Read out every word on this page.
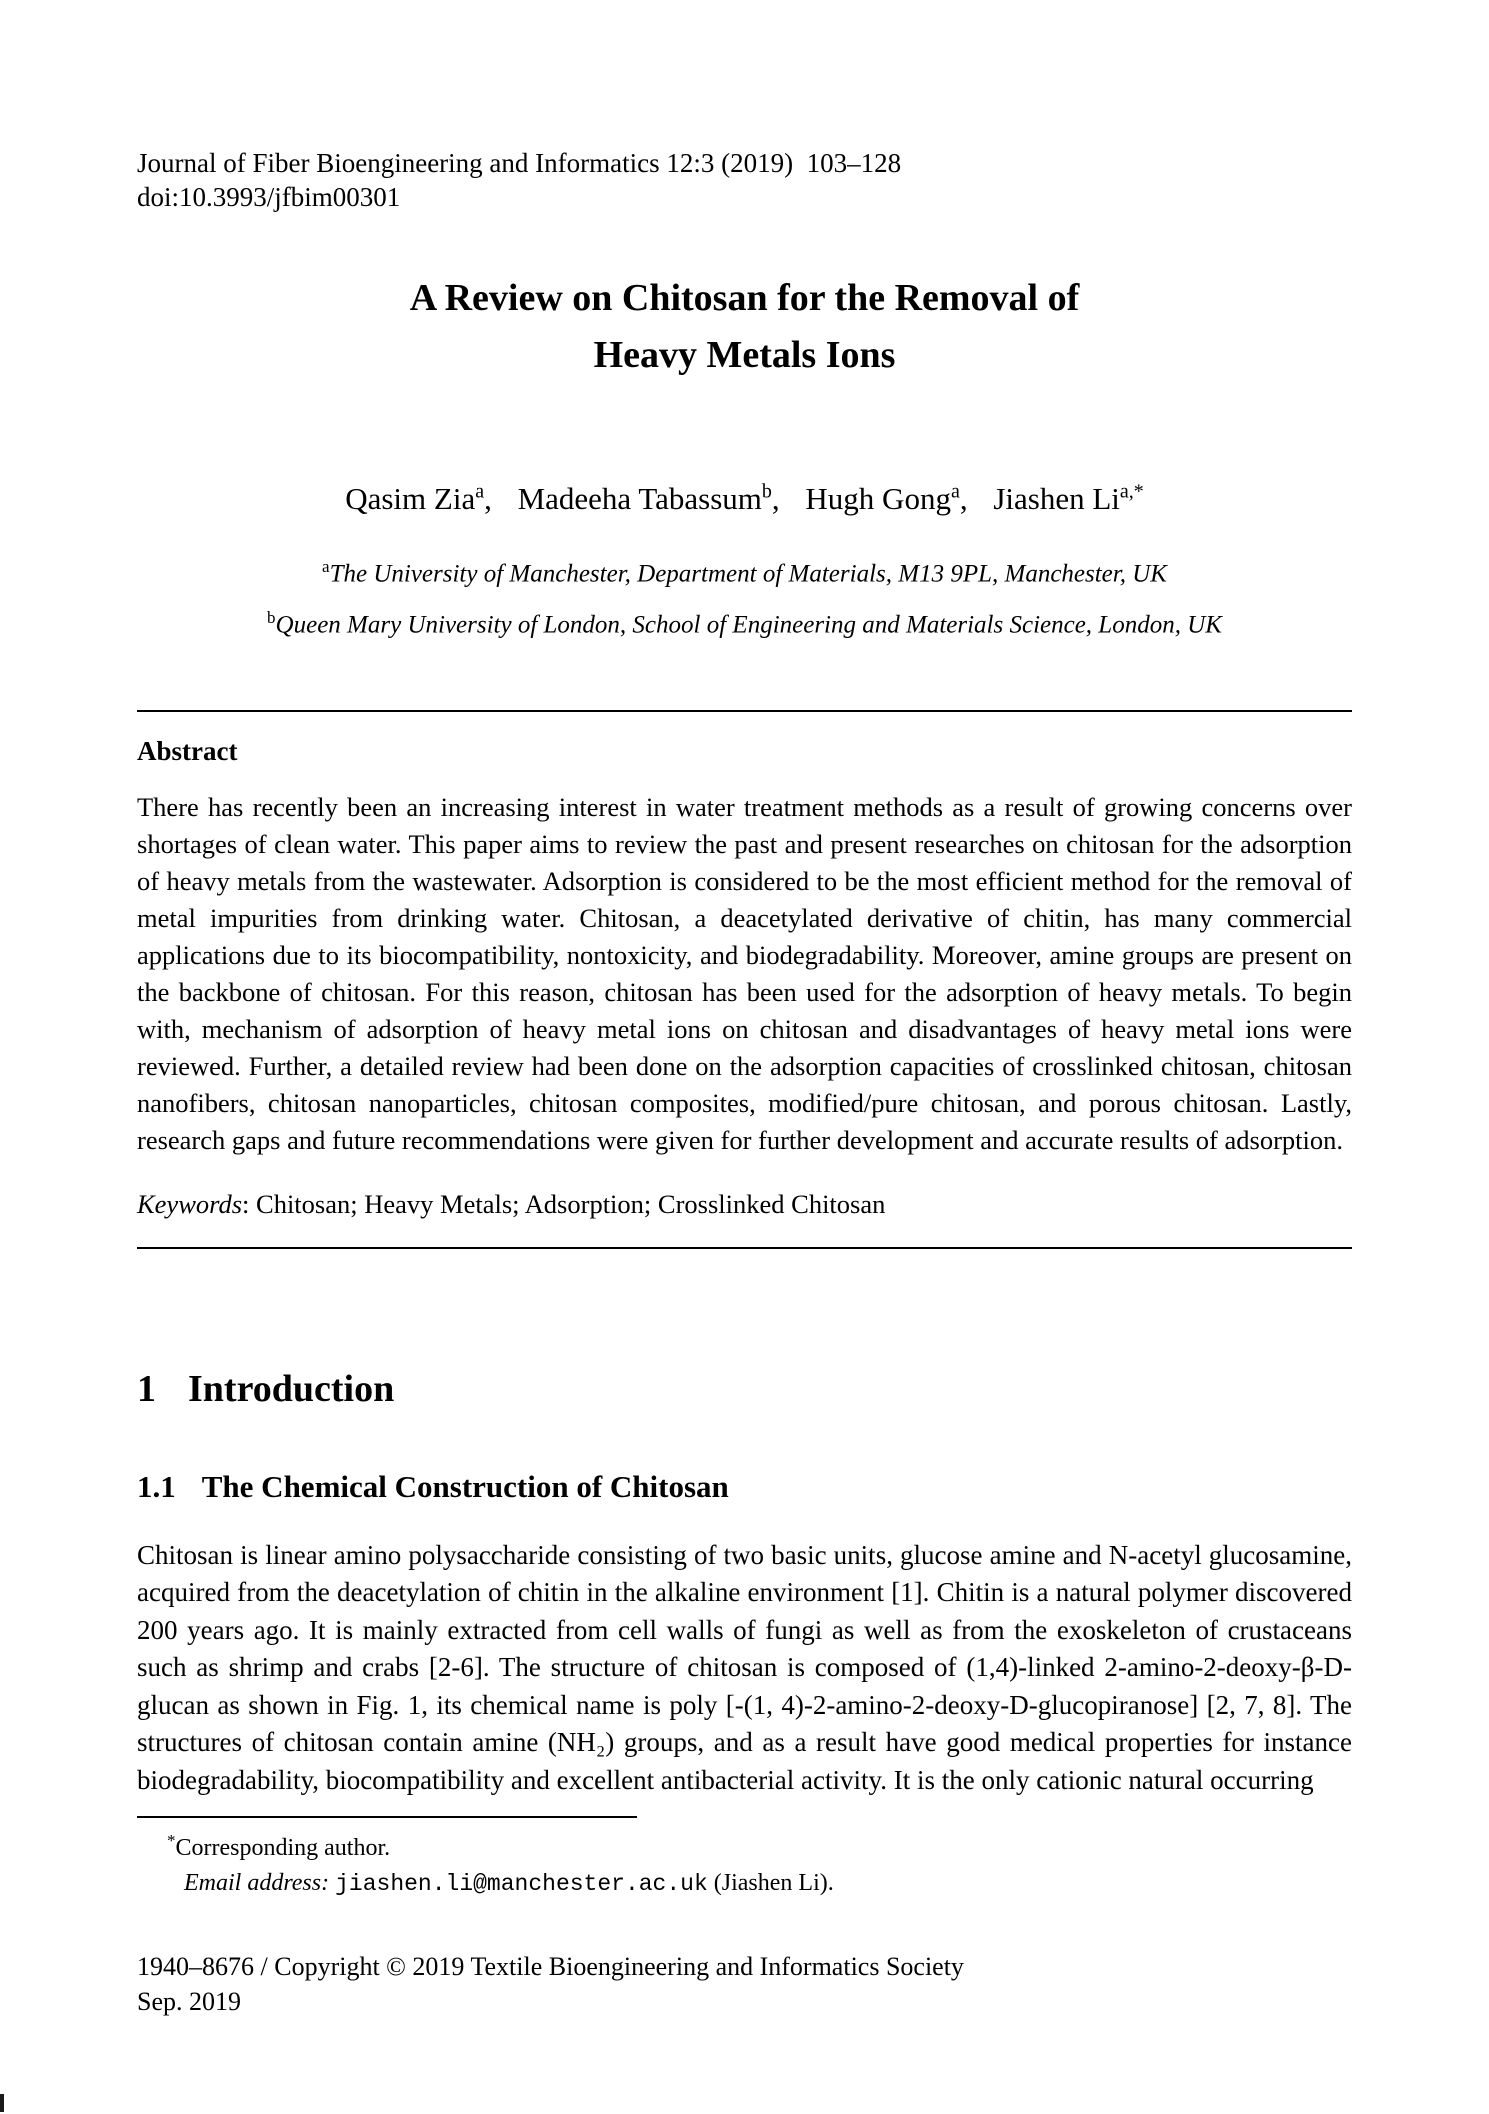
Journal of Fiber Bioengineering and Informatics 12:3 (2019)  103–128
doi:10.3993/jfbim00301
A Review on Chitosan for the Removal of
Heavy Metals Ions
Qasim Zia$^a$, Madeeha Tabassum$^b$, Hugh Gong$^a$, Jiashen $Li^{a,*}$
$^a$The University of Manchester, Department of Materials, M13 9PL, Manchester, UK
$^b$Queen Mary University of London, School of Engineering and Materials Science, London, UK
Abstract
There has recently been an increasing interest in water treatment methods as a result of growing concerns over shortages of clean water. This paper aims to review the past and present researches on chitosan for the adsorption of heavy metals from the wastewater. Adsorption is considered to be the most efficient method for the removal of metal impurities from drinking water. Chitosan, a deacetylated derivative of chitin, has many commercial applications due to its biocompatibility, nontoxicity, and biodegradability. Moreover, amine groups are present on the backbone of chitosan. For this reason, chitosan has been used for the adsorption of heavy metals. To begin with, mechanism of adsorption of heavy metal ions on chitosan and disadvantages of heavy metal ions were reviewed. Further, a detailed review had been done on the adsorption capacities of crosslinked chitosan, chitosan nanofibers, chitosan nanoparticles, chitosan composites, modified/pure chitosan, and porous chitosan. Lastly, research gaps and future recommendations were given for further development and accurate results of adsorption.
Keywords: Chitosan; Heavy Metals; Adsorption; Crosslinked Chitosan
1 Introduction
1.1 The Chemical Construction of Chitosan
Chitosan is linear amino polysaccharide consisting of two basic units, glucose amine and N-acetyl glucosamine, acquired from the deacetylation of chitin in the alkaline environment [1]. Chitin is a natural polymer discovered 200 years ago. It is mainly extracted from cell walls of fungi as well as from the exoskeleton of crustaceans such as shrimp and crabs [2-6]. The structure of chitosan is composed of (1,4)-linked 2-amino-2-deoxy-β-D-glucan as shown in Fig. 1, its chemical name is poly [-(1, 4)-2-amino-2-deoxy-D-glucopiranose] [2, 7, 8]. The structures of chitosan contain amine (NH₂) groups, and as a result have good medical properties for instance biodegradability, biocompatibility and excellent antibacterial activity. It is the only cationic natural occurring
*Corresponding author.
Email address: jiashen.li@manchester.ac.uk (Jiashen Li).
1940–8676 / Copyright © 2019 Textile Bioengineering and Informatics Society
Sep. 2019
